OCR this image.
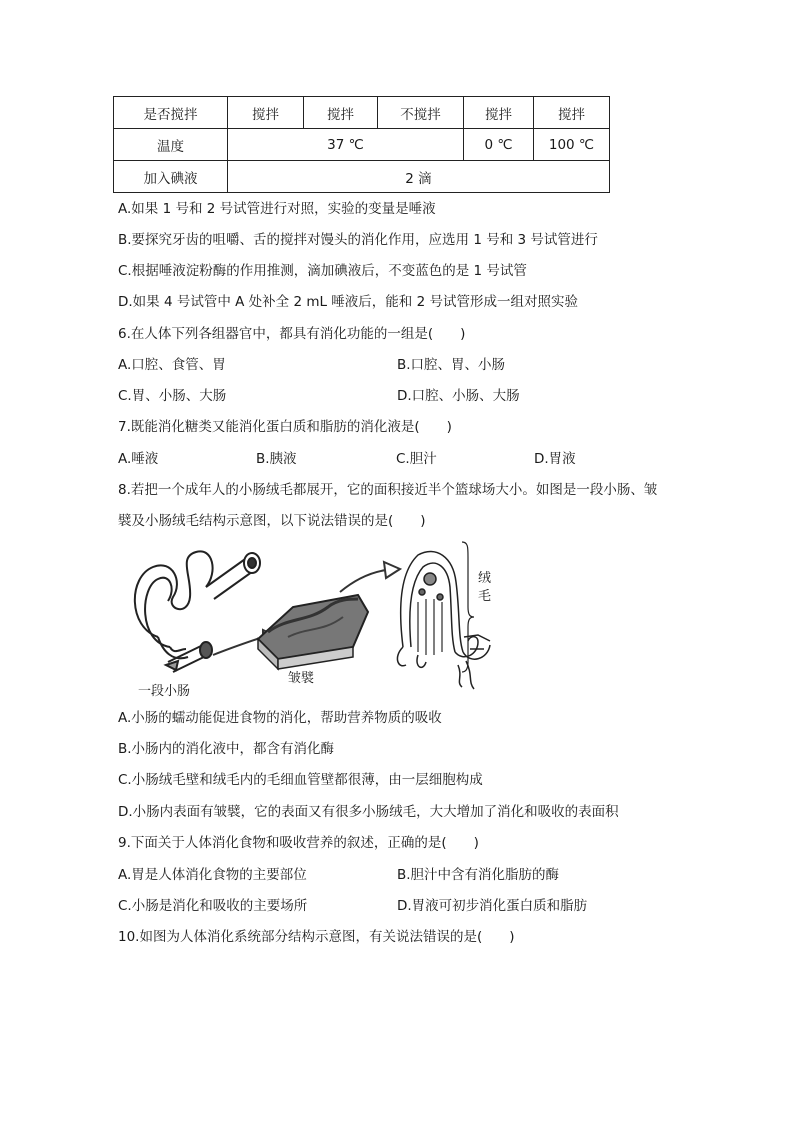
是否搅拌	搅拌	搅拌	不搅拌	搅拌	搅拌
温度	37 ℃			0 ℃	100 ℃
加入碘液	2 滴				
A.如果 1 号和 2 号试管进行对照，实验的变量是唾液
B.要探究牙齿的咀嚼、舌的搅拌对馒头的消化作用，应选用 1 号和 3 号试管进行
C.根据唾液淀粉酶的作用推测，滴加碘液后，不变蓝色的是 1 号试管
D.如果 4 号试管中 A 处补全 2 mL 唾液后，能和 2 号试管形成一组对照实验
6.在人体下列各组器官中，都具有消化功能的一组是(　　)
A.口腔、食管、胃	B.口腔、胃、小肠
C.胃、小肠、大肠	D.口腔、小肠、大肠
7.既能消化糖类又能消化蛋白质和脂肪的消化液是(　　)
A.唾液	B.胰液	C.胆汁	D.胃液
8.若把一个成年人的小肠绒毛都展开，它的面积接近半个篮球场大小。如图是一段小肠、皱
襞及小肠绒毛结构示意图，以下说法错误的是(　　)
绒
毛
皱襞
一段小肠
A.小肠的蠕动能促进食物的消化，帮助营养物质的吸收
B.小肠内的消化液中，都含有消化酶
C.小肠绒毛壁和绒毛内的毛细血管壁都很薄，由一层细胞构成
D.小肠内表面有皱襞，它的表面又有很多小肠绒毛，大大增加了消化和吸收的表面积
9.下面关于人体消化食物和吸收营养的叙述，正确的是(　　)
A.胃是人体消化食物的主要部位	B.胆汁中含有消化脂肪的酶
C.小肠是消化和吸收的主要场所	D.胃液可初步消化蛋白质和脂肪
10.如图为人体消化系统部分结构示意图，有关说法错误的是(　　)
